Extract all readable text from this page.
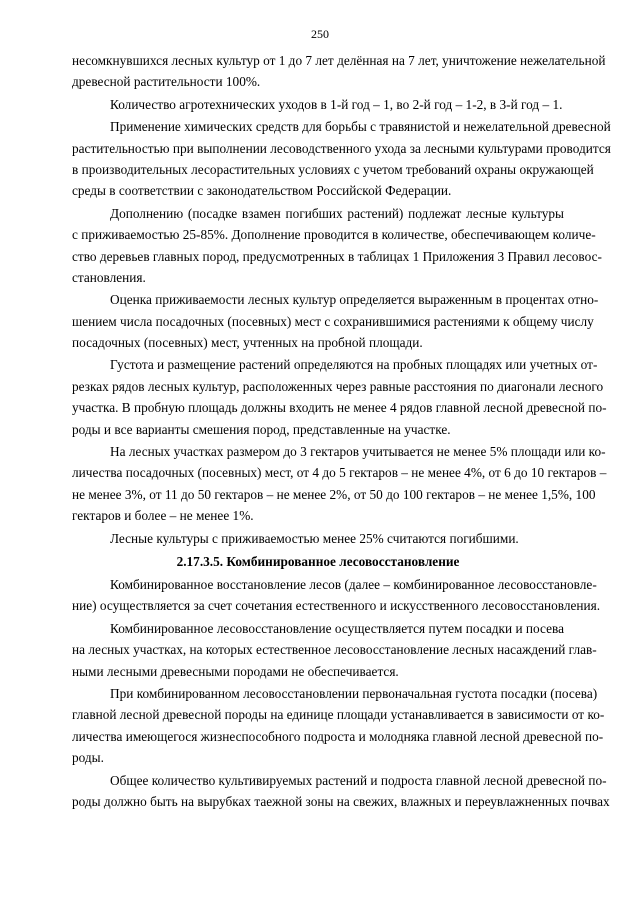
250
несомкнувшихся лесных культур от 1 до 7 лет делённая на 7 лет, уничтожение нежелательной
древесной растительности 100%.
Количество агротехнических уходов в 1-й год – 1, во 2-й год – 1-2, в 3-й год – 1.
Применение химических средств для борьбы с травянистой и нежелательной древесной
растительностью при выполнении лесоводственного ухода за лесными культурами проводится
в производительных лесорастительных условиях с учетом требований охраны окружающей
среды в соответствии с законодательством Российской Федерации.
Дополнению (посадке взамен погибших растений) подлежат лесные культуры
с приживаемостью 25-85%. Дополнение проводится в количестве, обеспечивающем количе-
ство деревьев главных пород, предусмотренных в таблицах 1 Приложения 3 Правил лесовос-
становления.
Оценка приживаемости лесных культур определяется выраженным в процентах отно-
шением числа посадочных (посевных) мест с сохранившимися растениями к общему числу
посадочных (посевных) мест, учтенных на пробной площади.
Густота и размещение растений определяются на пробных площадях или учетных от-
резках рядов лесных культур, расположенных через равные расстояния по диагонали лесного
участка. В пробную площадь должны входить не менее 4 рядов главной лесной древесной по-
роды и все варианты смешения пород, представленные на участке.
На лесных участках размером до 3 гектаров учитывается не менее 5% площади или ко-
личества посадочных (посевных) мест, от 4 до 5 гектаров – не менее 4%, от 6 до 10 гектаров –
не менее 3%, от 11 до 50 гектаров – не менее 2%, от 50 до 100 гектаров – не менее 1,5%, 100
гектаров и более – не менее 1%.
Лесные культуры с приживаемостью менее 25% считаются погибшими.
2.17.3.5. Комбинированное лесовосстановление
Комбинированное восстановление лесов (далее – комбинированное лесовосстановле-
ние) осуществляется за счет сочетания естественного и искусственного лесовосстановления.
Комбинированное лесовосстановление осуществляется путем посадки и посева
на лесных участках, на которых естественное лесовосстановление лесных насаждений глав-
ными лесными древесными породами не обеспечивается.
При комбинированном лесовосстановлении первоначальная густота посадки (посева)
главной лесной древесной породы на единице площади устанавливается в зависимости от ко-
личества имеющегося жизнеспособного подроста и молодняка главной лесной древесной по-
роды.
Общее количество культивируемых растений и подроста главной лесной древесной по-
роды должно быть на вырубках таежной зоны на свежих, влажных и переувлажненных почвах
